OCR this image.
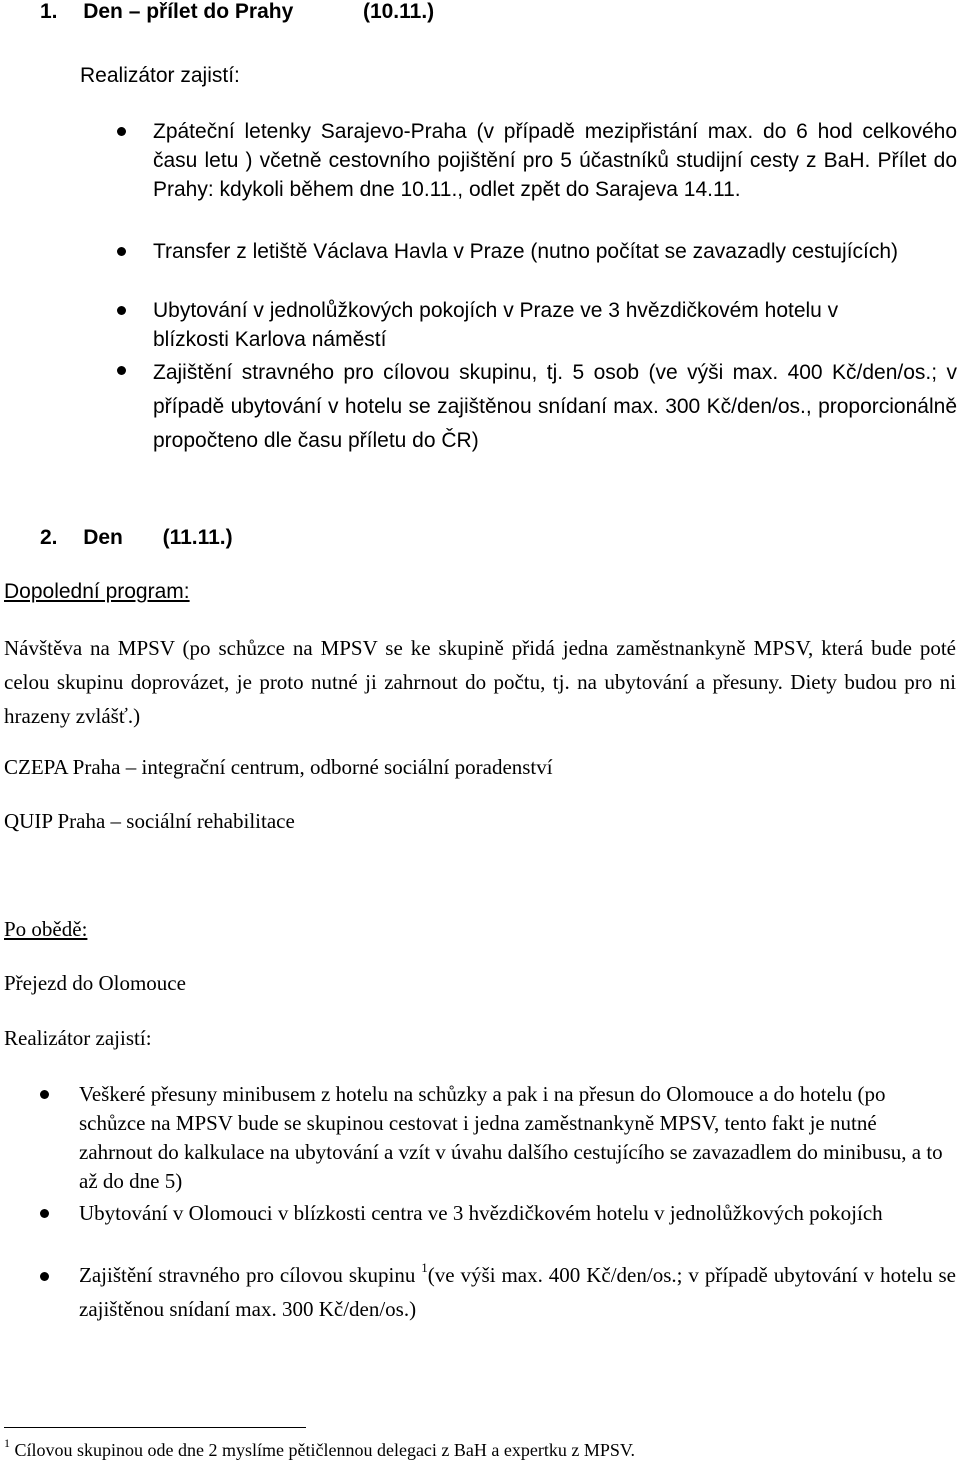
1. Den – přílet do Prahy	(10.11.)
Realizátor zajistí:
Zpáteční letenky Sarajevo-Praha (v případě mezipřistání max. do 6 hod celkového času letu ) včetně cestovního pojištění pro 5 účastníků studijní cesty z BaH. Přílet do Prahy: kdykoli během dne 10.11., odlet zpět do Sarajeva 14.11.
Transfer z letiště Václava Havla v Praze (nutno počítat se zavazadly cestujících)
Ubytování v jednolůžkových pokojích v Praze ve 3 hvězdičkovém hotelu v blízkosti Karlova náměstí
Zajištění stravného pro cílovou skupinu, tj. 5 osob (ve výši max. 400 Kč/den/os.; v případě ubytování v hotelu se zajištěnou snídaní max. 300 Kč/den/os., proporcionálně propočteno dle času příletu do ČR)
2. Den (11.11.)
Dopolední program:
Návštěva na MPSV (po schůzce na MPSV se ke skupině přidá jedna zaměstnankyně MPSV, která bude poté celou skupinu doprovázet, je proto nutné ji zahrnout do počtu, tj. na ubytování a přesuny. Diety budou pro ni hrazeny zvlášť.)
CZEPA Praha – integrační centrum, odborné sociální poradenství
QUIP Praha – sociální rehabilitace
Po obědě:
Přejezd do Olomouce
Realizátor zajistí:
Veškeré přesuny minibusem z hotelu na schůzky a pak i na přesun do Olomouce a do hotelu (po schůzce na MPSV bude se skupinou cestovat i jedna zaměstnankyně MPSV, tento fakt je nutné zahrnout do kalkulace na ubytování a vzít v úvahu dalšího cestujícího se zavazadlem do minibusu, a to až do dne 5)
Ubytování v Olomouci v blízkosti centra ve 3 hvězdičkovém hotelu v jednolůžkových pokojích
Zajištění stravného pro cílovou skupinu $^1$(ve výši max. 400 Kč/den/os.; v případě ubytování v hotelu se zajištěnou snídaní max. 300 Kč/den/os.)
$^1$ Cílovou skupinou ode dne 2 myslíme pětičlennou delegaci z BaH a expertku z MPSV.
